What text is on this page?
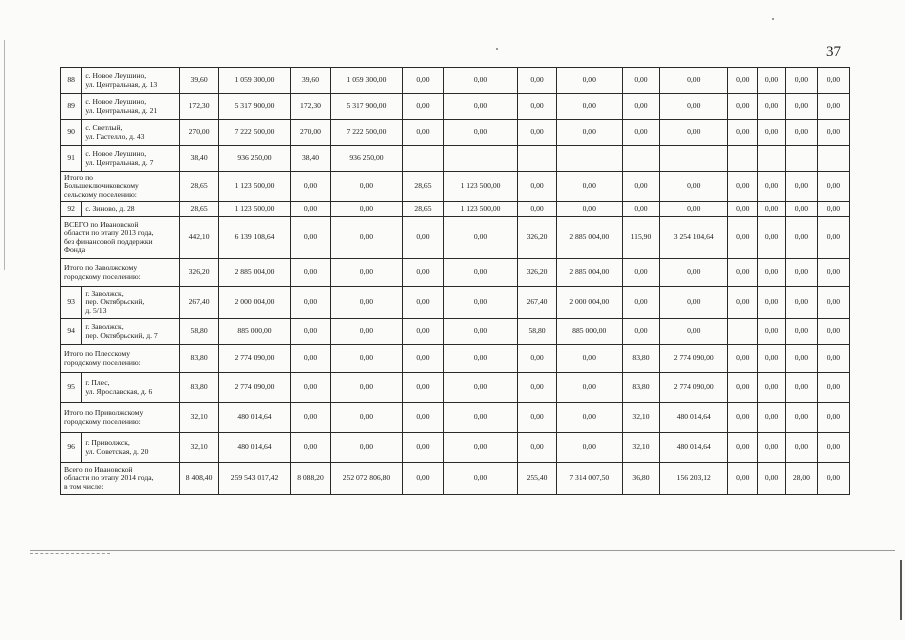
37
88	с. Новое Леушино,
ул. Центральная, д. 13	39,60	1 059 300,00	39,60	1 059 300,00	0,00	0,00	0,00	0,00	0,00	0,00	0,00	0,00	0,00	0,00
89	с. Новое Леушино,
ул. Центральная, д. 21	172,30	5 317 900,00	172,30	5 317 900,00	0,00	0,00	0,00	0,00	0,00	0,00	0,00	0,00	0,00	0,00
90	с. Светлый,
ул. Гастелло, д. 43	270,00	7 222 500,00	270,00	7 222 500,00	0,00	0,00	0,00	0,00	0,00	0,00	0,00	0,00	0,00	0,00
91	с. Новое Леушино,
ул. Центральная, д. 7	38,40	936 250,00	38,40	936 250,00										
Итого по
Большеключиковскому
сельскому поселению:		28,65	1 123 500,00	0,00	0,00	28,65	1 123 500,00	0,00	0,00	0,00	0,00	0,00	0,00	0,00	0,00
92	с. Зиново, д. 28	28,65	1 123 500,00	0,00	0,00	28,65	1 123 500,00	0,00	0,00	0,00	0,00	0,00	0,00	0,00	0,00
ВСЕГО по Ивановской
области по этапу 2013 года,
без финансовой поддержки
Фонда		442,10	6 139 108,64	0,00	0,00	0,00	0,00	326,20	2 885 004,00	115,90	3 254 104,64	0,00	0,00	0,00	0,00
Итого по Заволжскому
городскому поселению:		326,20	2 885 004,00	0,00	0,00	0,00	0,00	326,20	2 885 004,00	0,00	0,00	0,00	0,00	0,00	0,00
93	г. Заволжск,
пер. Октябрьский,
д. 5/13	267,40	2 000 004,00	0,00	0,00	0,00	0,00	267,40	2 000 004,00	0,00	0,00	0,00	0,00	0,00	0,00
94	г. Заволжск,
пер. Октябрьский, д. 7	58,80	885 000,00	0,00	0,00	0,00	0,00	58,80	885 000,00	0,00	0,00		0,00	0,00	0,00
Итого по Плесскому
городскому поселению:		83,80	2 774 090,00	0,00	0,00	0,00	0,00	0,00	0,00	83,80	2 774 090,00	0,00	0,00	0,00	0,00
95	г. Плес,
ул. Ярославская, д. 6	83,80	2 774 090,00	0,00	0,00	0,00	0,00	0,00	0,00	83,80	2 774 090,00	0,00	0,00	0,00	0,00
Итого по Приволжскому
городскому поселению:		32,10	480 014,64	0,00	0,00	0,00	0,00	0,00	0,00	32,10	480 014,64	0,00	0,00	0,00	0,00
96	г. Приволжск,
ул. Советская, д. 20	32,10	480 014,64	0,00	0,00	0,00	0,00	0,00	0,00	32,10	480 014,64	0,00	0,00	0,00	0,00
Всего по Ивановской
области по этапу 2014 года,
в том числе:		8 408,40	259 543 017,42	8 088,20	252 072 806,80	0,00	0,00	255,40	7 314 007,50	36,80	156 203,12	0,00	0,00	28,00	0,00
